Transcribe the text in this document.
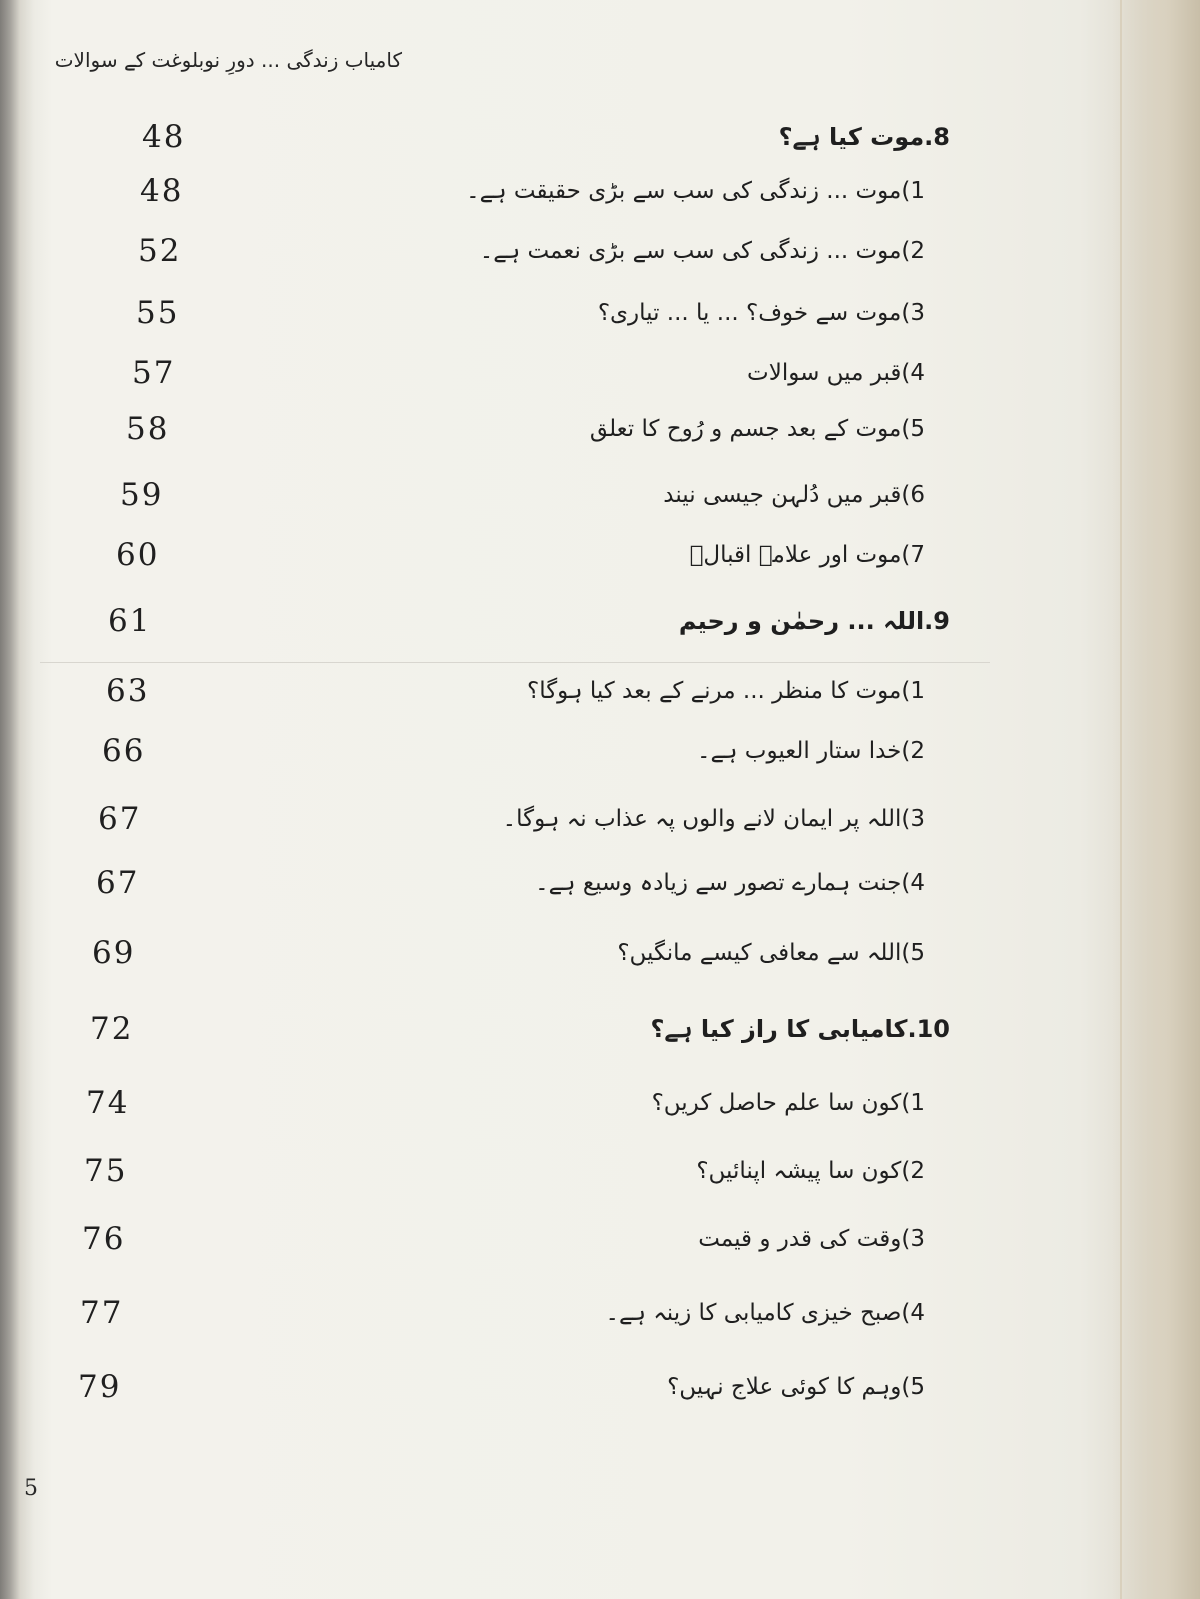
کامیاب زندگی ... دورِ نوبلوغت کے سوالات
48	8.موت کیا ہے؟
48	1)موت ... زندگی کی سب سے بڑی حقیقت ہے۔
52	2)موت ... زندگی کی سب سے بڑی نعمت ہے۔
55	3)موت سے خوف؟ ... یا ... تیاری؟
57	4)قبر میں سوالات
58	5)موت کے بعد جسم و رُوح کا تعلق
59	6)قبر میں دُلہن جیسی نیند
60	7)موت اور علامہ اقبالؒ
61	9.اللہ ... رحمٰن و رحیم
63	1)موت کا منظر ... مرنے کے بعد کیا ہوگا؟
66	2)خدا ستار العیوب ہے۔
67	3)اللہ پر ایمان لانے والوں پہ عذاب نہ ہوگا۔
67	4)جنت ہمارے تصور سے زیادہ وسیع ہے۔
69	5)اللہ سے معافی کیسے مانگیں؟
72	10.کامیابی کا راز کیا ہے؟
74	1)کون سا علم حاصل کریں؟
75	2)کون سا پیشہ اپنائیں؟
76	3)وقت کی قدر و قیمت
77	4)صبح خیزی کامیابی کا زینہ ہے۔
79	5)وہم کا کوئی علاج نہیں؟
5
